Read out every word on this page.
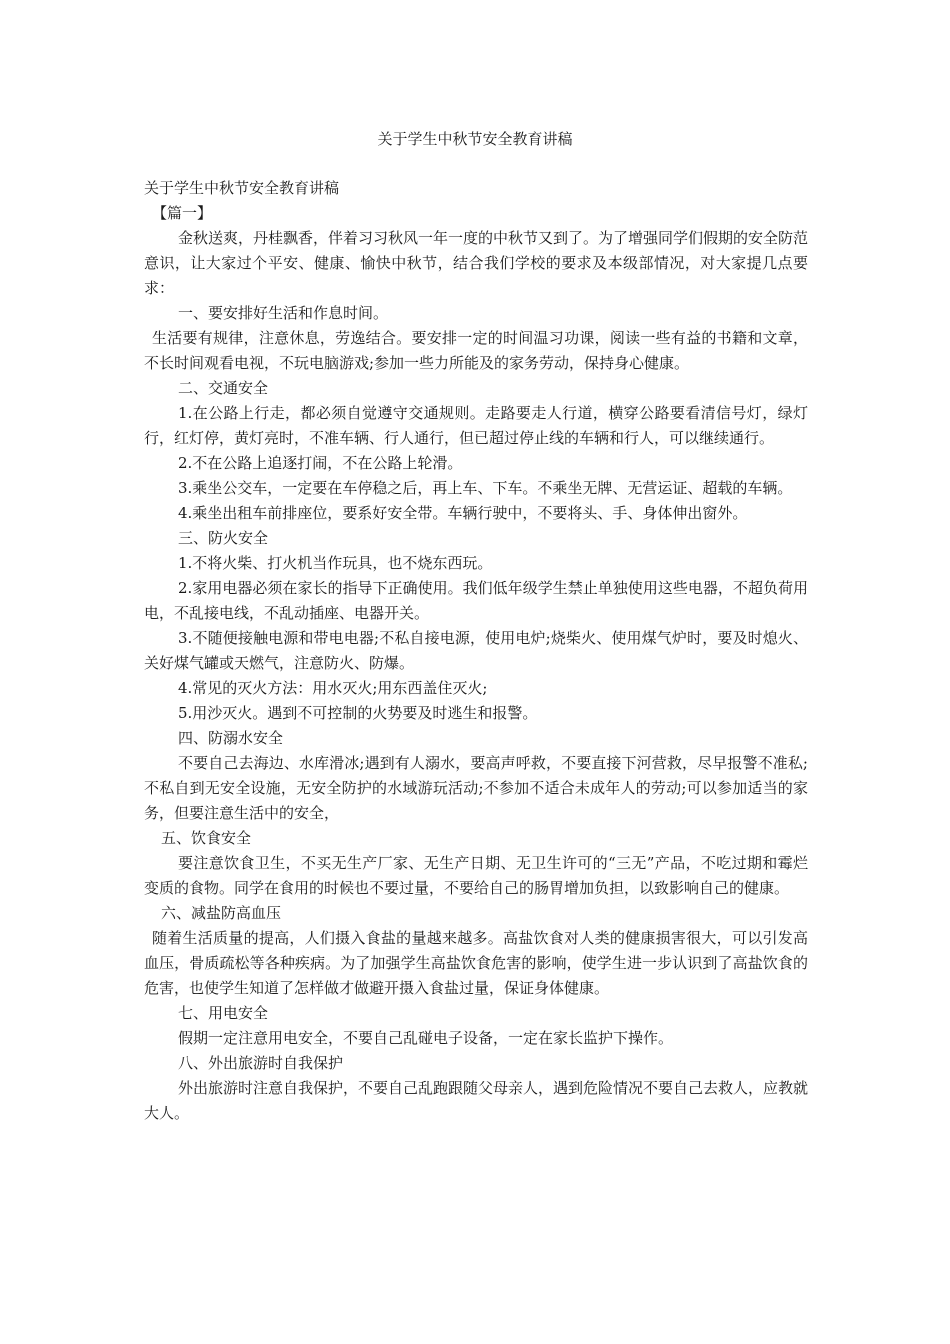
关于学生中秋节安全教育讲稿

关于学生中秋节安全教育讲稿

【篇一】

金秋送爽，丹桂飘香，伴着习习秋风一年一度的中秋节又到了。为了增强同学们假期的安全防范意识，让大家过个平安、健康、愉快中秋节，结合我们学校的要求及本级部情况，对大家提几点要求：

一、要安排好生活和作息时间。

生活要有规律，注意休息，劳逸结合。要安排一定的时间温习功课，阅读一些有益的书籍和文章，不长时间观看电视，不玩电脑游戏;参加一些力所能及的家务劳动，保持身心健康。

二、交通安全

1.在公路上行走，都必须自觉遵守交通规则。走路要走人行道，横穿公路要看清信号灯，绿灯行，红灯停，黄灯亮时，不准车辆、行人通行，但已超过停止线的车辆和行人，可以继续通行。

2.不在公路上追逐打闹，不在公路上轮滑。

3.乘坐公交车，一定要在车停稳之后，再上车、下车。不乘坐无牌、无营运证、超载的车辆。

4.乘坐出租车前排座位，要系好安全带。车辆行驶中，不要将头、手、身体伸出窗外。

三、防火安全

1.不将火柴、打火机当作玩具，也不烧东西玩。

2.家用电器必须在家长的指导下正确使用。我们低年级学生禁止单独使用这些电器，不超负荷用电，不乱接电线，不乱动插座、电器开关。

3.不随便接触电源和带电电器;不私自接电源，使用电炉;烧柴火、使用煤气炉时，要及时熄火、关好煤气罐或天燃气，注意防火、防爆。

4.常见的灭火方法：用水灭火;用东西盖住灭火;

5.用沙灭火。遇到不可控制的火势要及时逃生和报警。

四、防溺水安全

不要自己去海边、水库滑冰;遇到有人溺水，要高声呼救，不要直接下河营救，尽早报警不准私;不私自到无安全设施，无安全防护的水域游玩活动;不参加不适合未成年人的劳动;可以参加适当的家务，但要注意生活中的安全，

五、饮食安全

要注意饮食卫生，不买无生产厂家、无生产日期、无卫生许可的“三无”产品，不吃过期和霉烂变质的食物。同学在食用的时候也不要过量，不要给自己的肠胃增加负担，以致影响自己的健康。

六、减盐防高血压

随着生活质量的提高，人们摄入食盐的量越来越多。高盐饮食对人类的健康损害很大，可以引发高血压，骨质疏松等各种疾病。为了加强学生高盐饮食危害的影响，使学生进一步认识到了高盐饮食的危害，也使学生知道了怎样做才做避开摄入食盐过量，保证身体健康。

七、用电安全

假期一定注意用电安全，不要自己乱碰电子设备，一定在家长监护下操作。

八、外出旅游时自我保护

外出旅游时注意自我保护，不要自己乱跑跟随父母亲人，遇到危险情况不要自己去救人，应教就大人。
